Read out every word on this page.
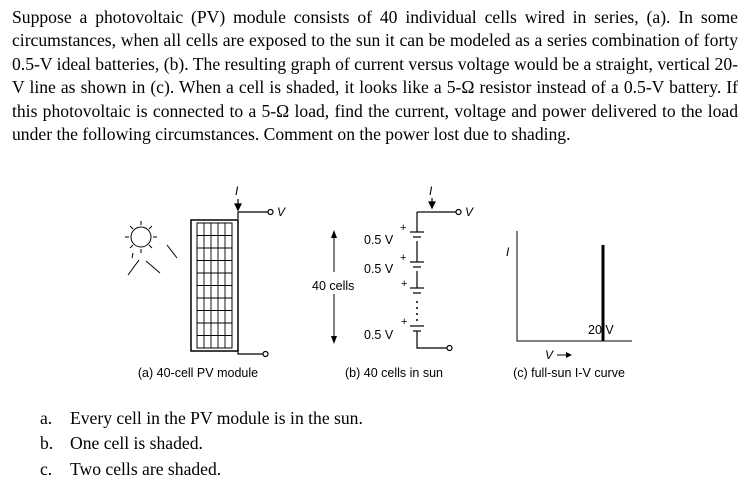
Suppose a photovoltaic (PV) module consists of 40 individual cells wired in series, (a). In some circumstances, when all cells are exposed to the sun it can be modeled as a series combination of forty 0.5-V ideal batteries, (b). The resulting graph of current versus voltage would be a straight, vertical 20-V line as shown in (c). When a cell is shaded, it looks like a 5-Ω resistor instead of a 0.5-V battery. If this photovoltaic is connected to a 5-Ω load, find the current, voltage and power delivered to the load under the following circumstances. Comment on the power lost due to shading.
I
V
(a) 40-cell PV module
+
+
+
+
I
V
0.5 V
0.5 V
0.5 V
40 cells
(b) 40 cells in sun
I
20 V
V
(c) full-sun I-V curve
a. Every cell in the PV module is in the sun.
b. One cell is shaded.
c. Two cells are shaded.
